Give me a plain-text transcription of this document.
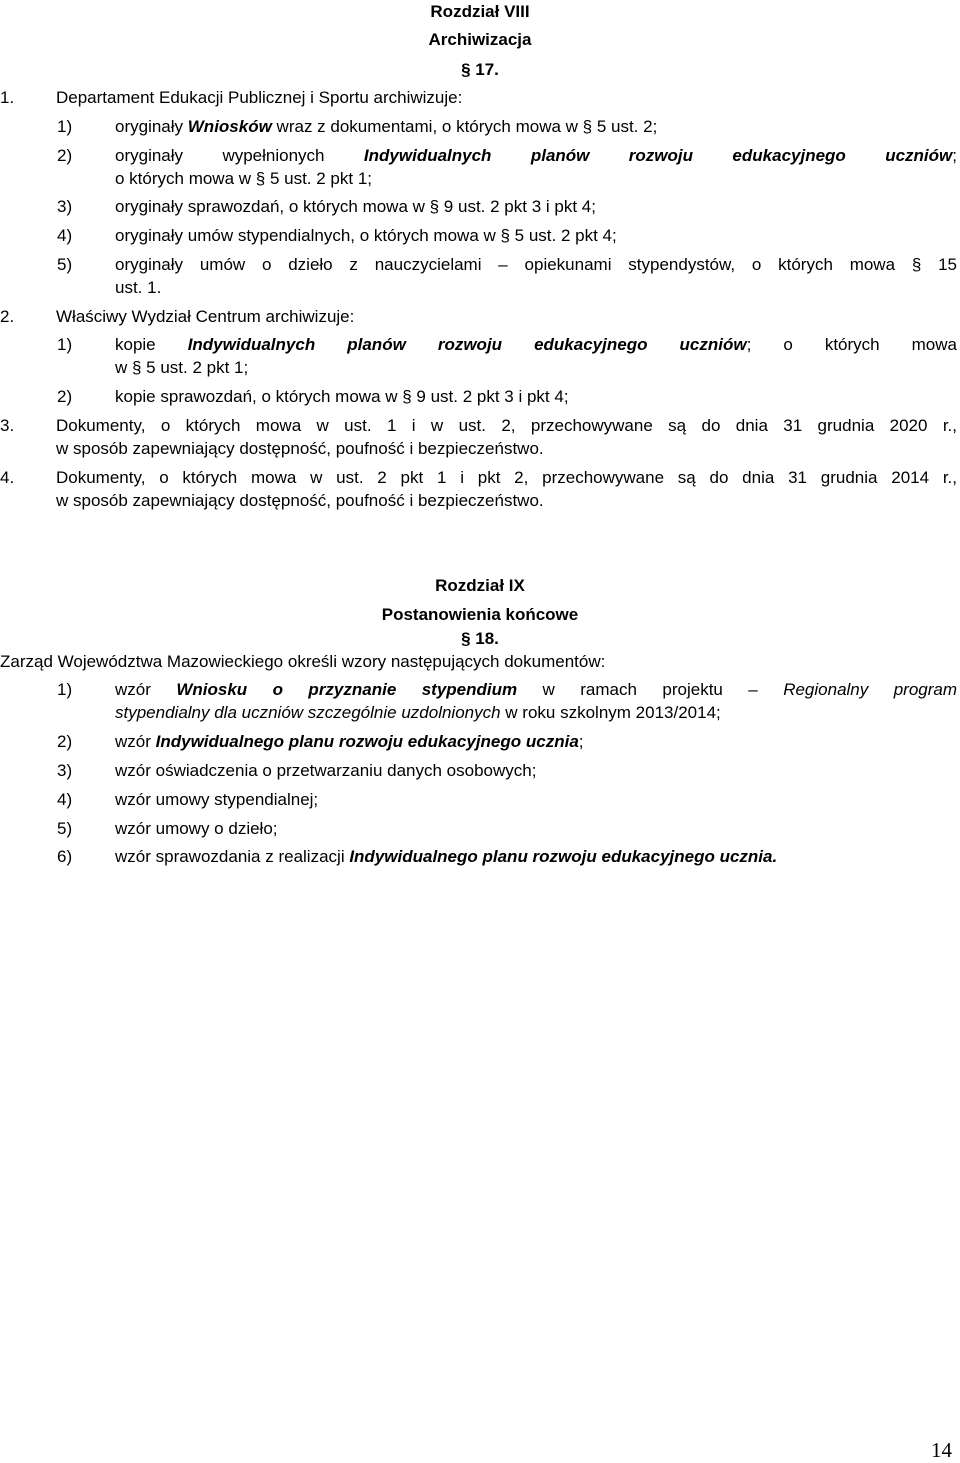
Rozdział VIII
Archiwizacja
§ 17.
1. Departament Edukacji Publicznej i Sportu archiwizuje:
1)	oryginały Wniosków wraz z dokumentami, o których mowa w § 5 ust. 2;
2)	oryginały wypełnionych Indywidualnych planów rozwoju edukacyjnego uczniów;
o których mowa w § 5 ust. 2 pkt 1;
3)	oryginały sprawozdań, o których mowa w § 9 ust. 2 pkt 3 i pkt 4;
4)	oryginały umów stypendialnych, o których mowa w § 5 ust. 2 pkt 4;
5)	oryginały umów o dzieło z nauczycielami – opiekunami stypendystów, o których mowa § 15
ust. 1.
2. Właściwy Wydział Centrum archiwizuje:
1)	kopie Indywidualnych planów rozwoju edukacyjnego uczniów; o których mowa
w § 5 ust. 2 pkt 1;
2)	kopie sprawozdań, o których mowa w § 9 ust. 2 pkt 3 i pkt 4;
3. Dokumenty, o których mowa w ust. 1 i w ust. 2, przechowywane są do dnia 31 grudnia 2020 r.,
w sposób zapewniający dostępność, poufność i bezpieczeństwo.
4. Dokumenty, o których mowa w ust. 2 pkt 1 i pkt 2, przechowywane są do dnia 31 grudnia 2014 r.,
w sposób zapewniający dostępność, poufność i bezpieczeństwo.
Rozdział IX
Postanowienia końcowe
§ 18.
Zarząd Województwa Mazowieckiego określi wzory następujących dokumentów:
1)	wzór Wniosku o przyznanie stypendium w ramach projektu – Regionalny program
stypendialny dla uczniów szczególnie uzdolnionych w roku szkolnym 2013/2014;
2)	wzór Indywidualnego planu rozwoju edukacyjnego ucznia;
3)	wzór oświadczenia o przetwarzaniu danych osobowych;
4)	wzór umowy stypendialnej;
5)	wzór umowy o dzieło;
6)	wzór sprawozdania z realizacji Indywidualnego planu rozwoju edukacyjnego ucznia.
14
